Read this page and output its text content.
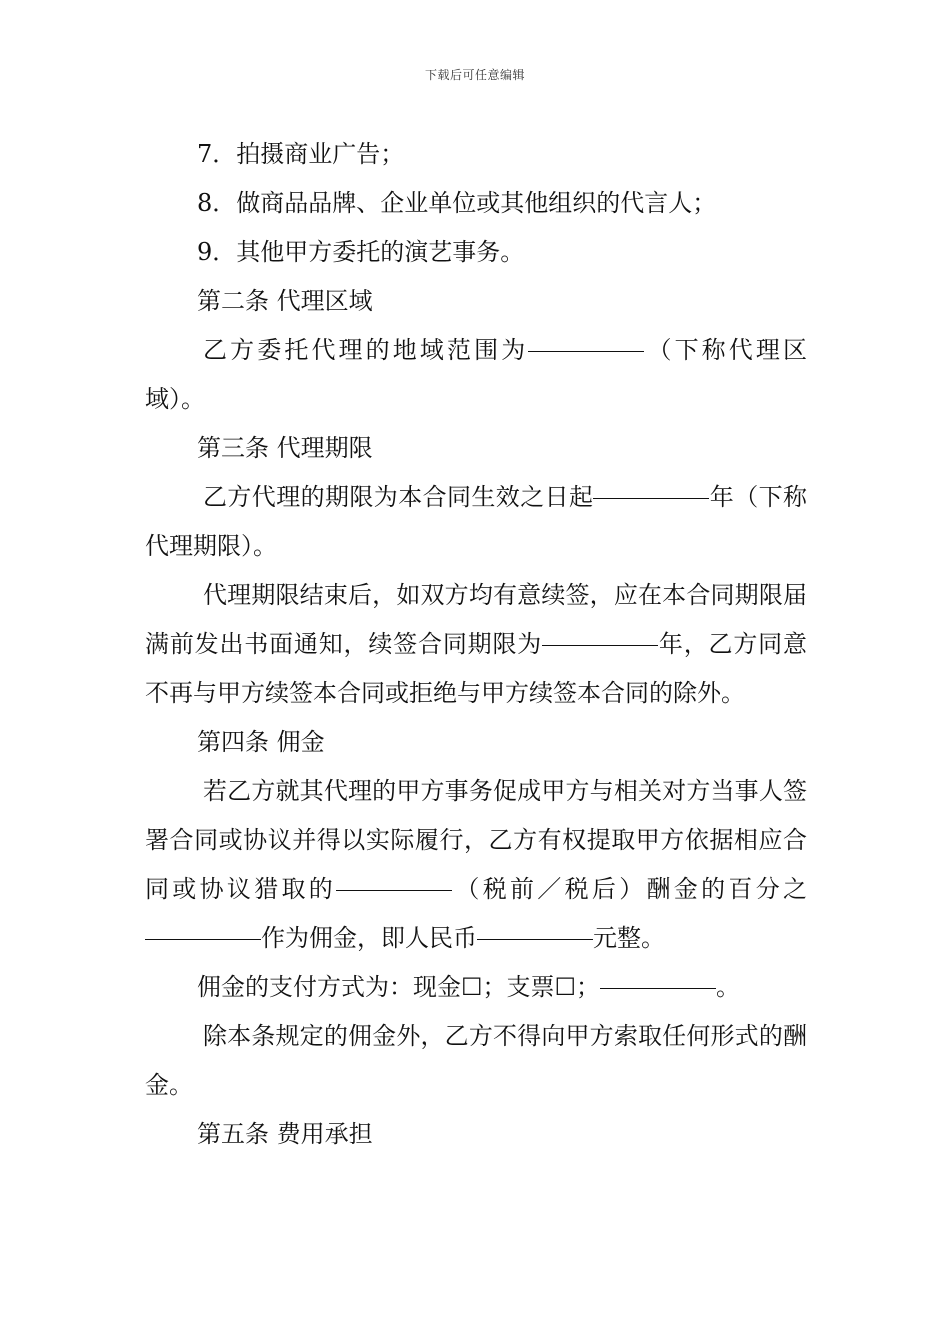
下载后可任意编辑

7．拍摄商业广告；

8．做商品品牌、企业单位或其他组织的代言人；

9．其他甲方委托的演艺事务。

第二条 代理区域

乙方委托代理的地域范围为	（下称代理区域）。

第三条 代理期限

乙方代理的期限为本合同生效之日起	年（下称代理期限）。

代理期限结束后，如双方均有意续签，应在本合同期限届满前发出书面通知，续签合同期限为	年，乙方同意不再与甲方续签本合同或拒绝与甲方续签本合同的除外。

第四条 佣金

若乙方就其代理的甲方事务促成甲方与相关对方当事人签署合同或协议并得以实际履行，乙方有权提取甲方依据相应合同或协议猎取的	（税前／税后）酬金的百分之作为佣金，即人民币	元整。

佣金的支付方式为：现金☐；支票☐；	。

除本条规定的佣金外，乙方不得向甲方索取任何形式的酬金。

第五条 费用承担
